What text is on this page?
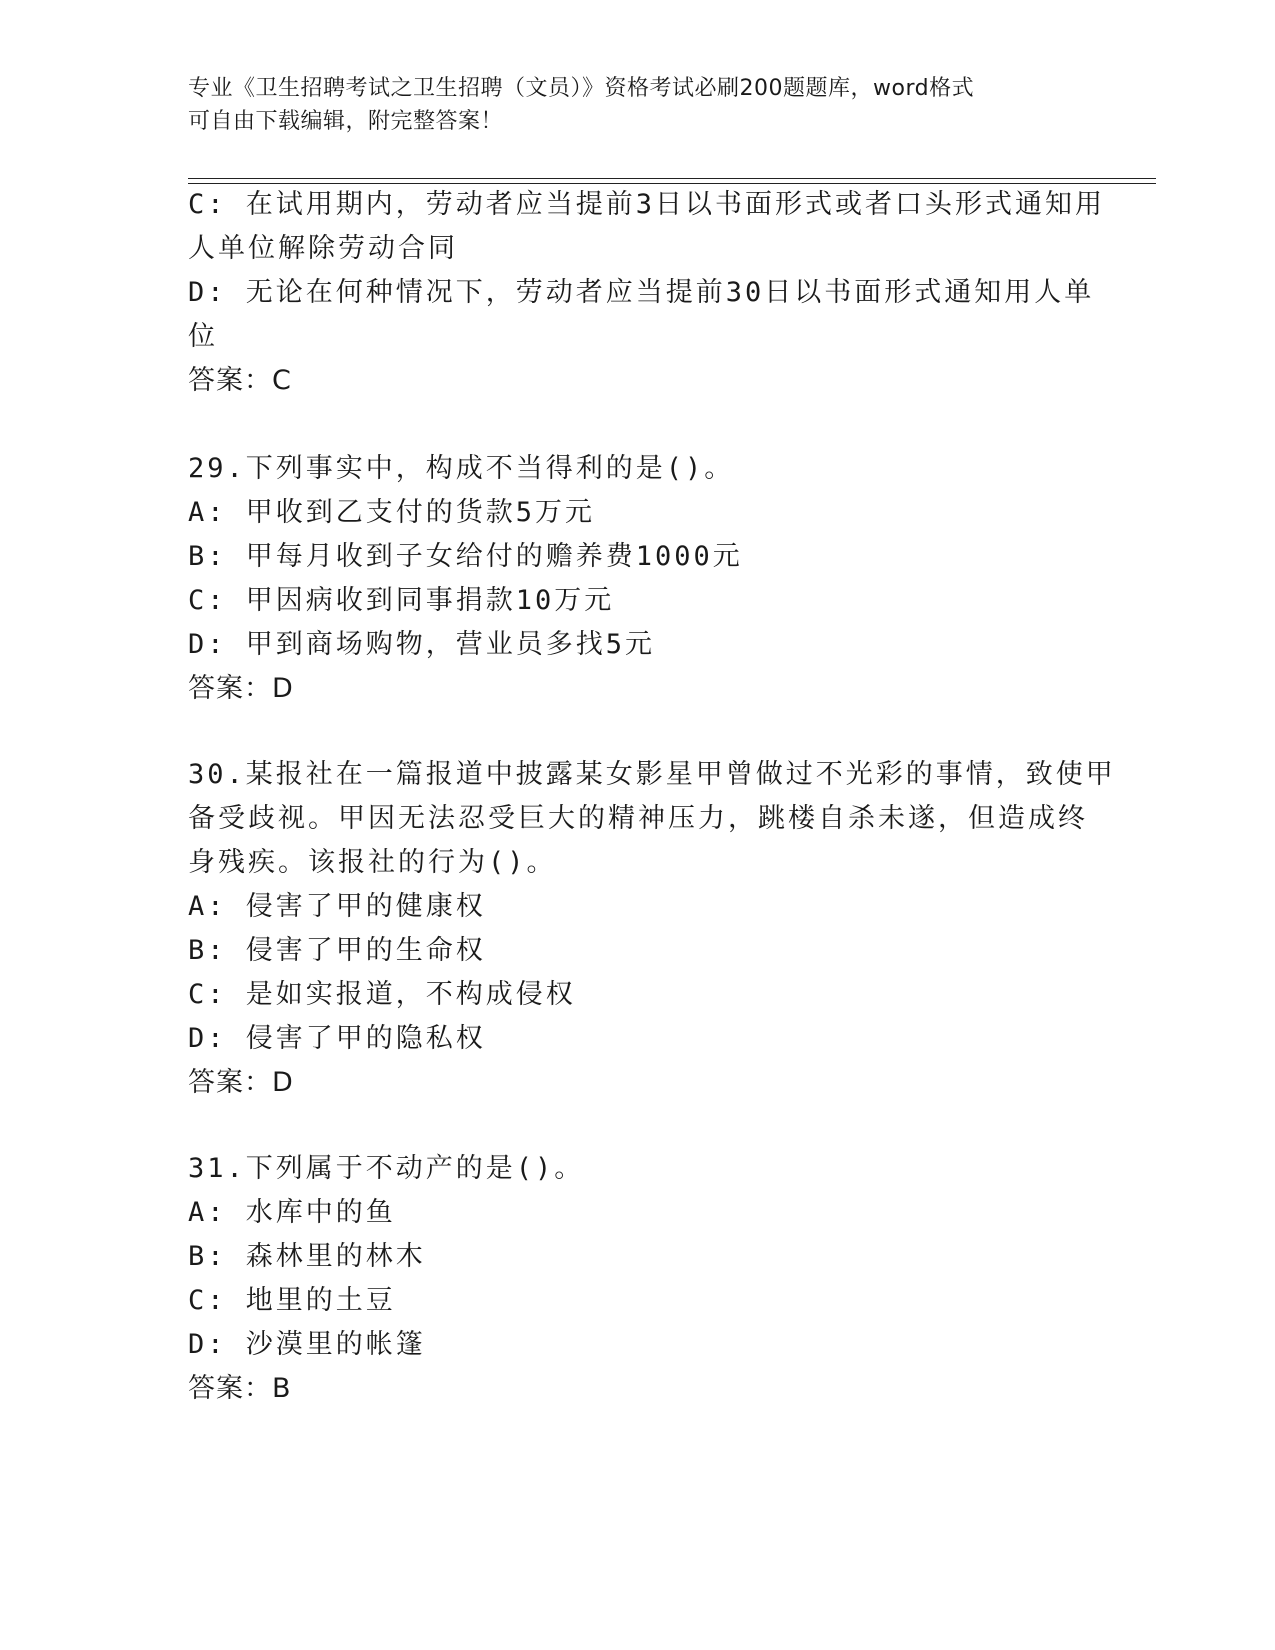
专业《卫生招聘考试之卫生招聘（文员）》资格考试必刷200题题库，word格式
可自由下载编辑，附完整答案！
C: 在试用期内，劳动者应当提前3日以书面形式或者口头形式通知用
人单位解除劳动合同
D: 无论在何种情况下，劳动者应当提前30日以书面形式通知用人单
位
答案：C
29.下列事实中，构成不当得利的是()。
A: 甲收到乙支付的货款5万元
B: 甲每月收到子女给付的赡养费1000元
C: 甲因病收到同事捐款10万元
D: 甲到商场购物，营业员多找5元
答案：D
30.某报社在一篇报道中披露某女影星甲曾做过不光彩的事情，致使甲
备受歧视。甲因无法忍受巨大的精神压力，跳楼自杀未遂，但造成终
身残疾。该报社的行为()。
A: 侵害了甲的健康权
B: 侵害了甲的生命权
C: 是如实报道，不构成侵权
D: 侵害了甲的隐私权
答案：D
31.下列属于不动产的是()。
A: 水库中的鱼
B: 森林里的林木
C: 地里的土豆
D: 沙漠里的帐篷
答案：B
